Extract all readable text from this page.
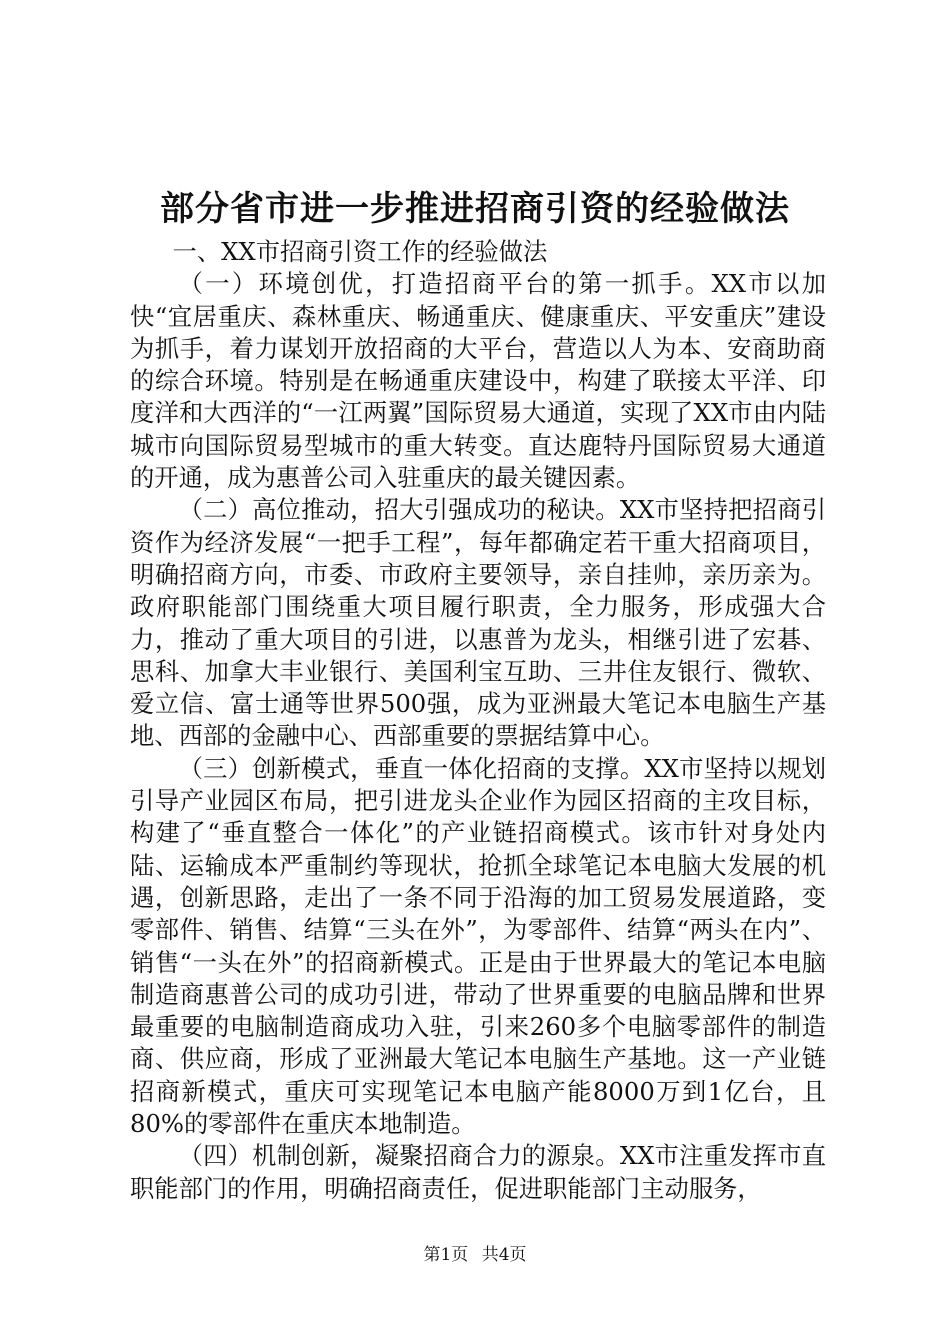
部分省市进一步推进招商引资的经验做法

一、XX市招商引资工作的经验做法

（一）环境创优，打造招商平台的第一抓手。XX市以加快“宜居重庆、森林重庆、畅通重庆、健康重庆、平安重庆”建设为抓手，着力谋划开放招商的大平台，营造以人为本、安商助商的综合环境。特别是在畅通重庆建设中，构建了联接太平洋、印度洋和大西洋的“一江两翼”国际贸易大通道，实现了XX市由内陆城市向国际贸易型城市的重大转变。直达鹿特丹国际贸易大通道的开通，成为惠普公司入驻重庆的最关键因素。

（二）高位推动，招大引强成功的秘诀。XX市坚持把招商引资作为经济发展“一把手工程”，每年都确定若干重大招商项目，明确招商方向，市委、市政府主要领导，亲自挂帅，亲历亲为。政府职能部门围绕重大项目履行职责，全力服务，形成强大合力，推动了重大项目的引进，以惠普为龙头，相继引进了宏碁、思科、加拿大丰业银行、美国利宝互助、三井住友银行、微软、爱立信、富士通等世界500强，成为亚洲最大笔记本电脑生产基地、西部的金融中心、西部重要的票据结算中心。

（三）创新模式，垂直一体化招商的支撑。XX市坚持以规划引导产业园区布局，把引进龙头企业作为园区招商的主攻目标，构建了“垂直整合一体化”的产业链招商模式。该市针对身处内陆、运输成本严重制约等现状，抢抓全球笔记本电脑大发展的机遇，创新思路，走出了一条不同于沿海的加工贸易发展道路，变零部件、销售、结算“三头在外”，为零部件、结算“两头在内”、销售“一头在外”的招商新模式。正是由于世界最大的笔记本电脑制造商惠普公司的成功引进，带动了世界重要的电脑品牌和世界最重要的电脑制造商成功入驻，引来260多个电脑零部件的制造商、供应商，形成了亚洲最大笔记本电脑生产基地。这一产业链招商新模式，重庆可实现笔记本电脑产能8000万到1亿台，且80%的零部件在重庆本地制造。

（四）机制创新，凝聚招商合力的源泉。XX市注重发挥市直职能部门的作用，明确招商责任，促进职能部门主动服务，

第1页 共4页
